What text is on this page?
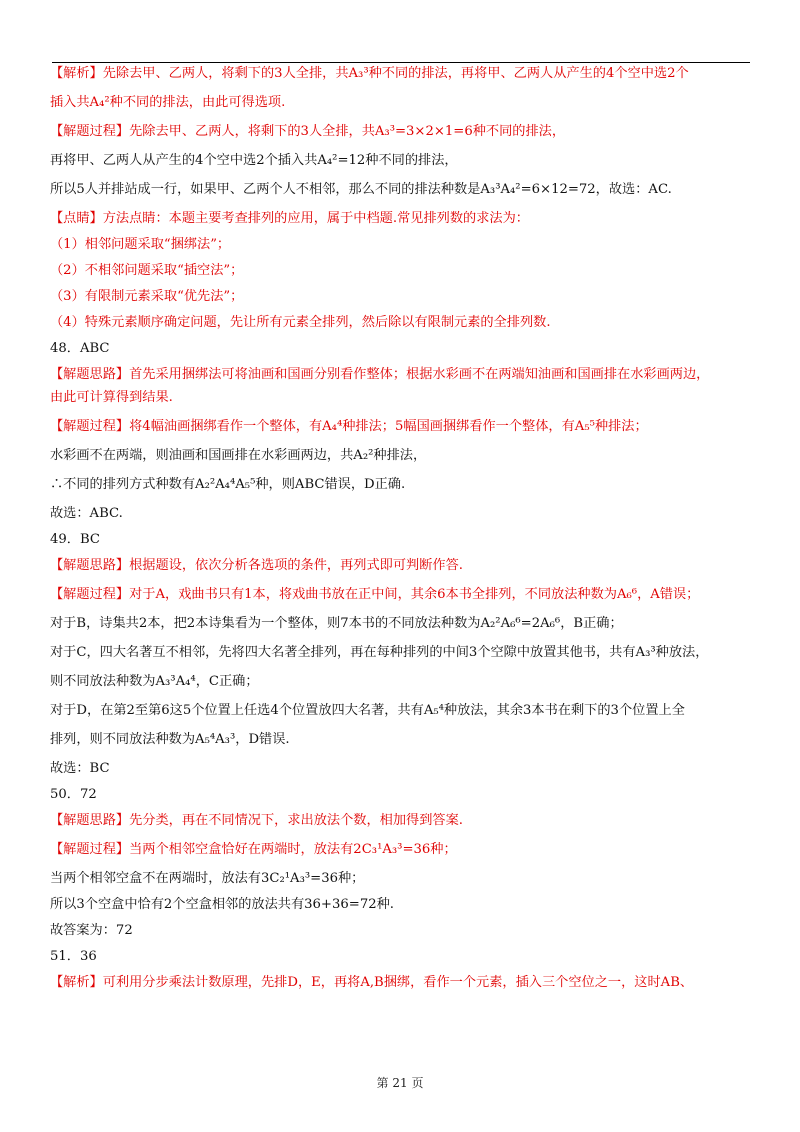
【解析】先除去甲、乙两人，将剩下的3人全排，共A₃³种不同的排法，再将甲、乙两人从产生的4个空中选2个
插入共A₄²种不同的排法，由此可得选项.
【解题过程】先除去甲、乙两人，将剩下的3人全排，共A₃³=3×2×1=6种不同的排法，
再将甲、乙两人从产生的4个空中选2个插入共A₄²=12种不同的排法，
所以5人并排站成一行，如果甲、乙两个人不相邻，那么不同的排法种数是A₃³A₄²=6×12=72，故选：AC.
【点睛】方法点睛：本题主要考查排列的应用，属于中档题.常见排列数的求法为：
（1）相邻问题采取“捆绑法”；
（2）不相邻问题采取“插空法”；
（3）有限制元素采取“优先法”；
（4）特殊元素顺序确定问题，先让所有元素全排列，然后除以有限制元素的全排列数.
48．ABC
【解题思路】首先采用捆绑法可将油画和国画分别看作整体；根据水彩画不在两端知油画和国画排在水彩画两边，
由此可计算得到结果.
【解题过程】将4幅油画捆绑看作一个整体，有A₄⁴种排法；5幅国画捆绑看作一个整体，有A₅⁵种排法；
水彩画不在两端，则油画和国画排在水彩画两边，共A₂²种排法，
∴不同的排列方式种数有A₂²A₄⁴A₅⁵种，则ABC错误，D正确.
故选：ABC.
49．BC
【解题思路】根据题设，依次分析各选项的条件，再列式即可判断作答.
【解题过程】对于A，戏曲书只有1本，将戏曲书放在正中间，其余6本书全排列，不同放法种数为A₆⁶，A错误；
对于B，诗集共2本，把2本诗集看为一个整体，则7本书的不同放法种数为A₂²A₆⁶=2A₆⁶，B正确；
对于C，四大名著互不相邻，先将四大名著全排列，再在每种排列的中间3个空隙中放置其他书，共有A₃³种放法，
则不同放法种数为A₃³A₄⁴，C正确；
对于D，在第2至第6这5个位置上任选4个位置放四大名著，共有A₅⁴种放法，其余3本书在剩下的3个位置上全
排列，则不同放法种数为A₅⁴A₃³，D错误.
故选：BC
50．72
【解题思路】先分类，再在不同情况下，求出放法个数，相加得到答案.
【解题过程】当两个相邻空盒恰好在两端时，放法有2C₃¹A₃³=36种；
当两个相邻空盒不在两端时，放法有3C₂¹A₃³=36种；
所以3个空盒中恰有2个空盒相邻的放法共有36+36=72种.
故答案为：72
51．36
【解析】可利用分步乘法计数原理，先排D，E，再将A,B捆绑，看作一个元素，插入三个空位之一，这时AB、
第 21 页
